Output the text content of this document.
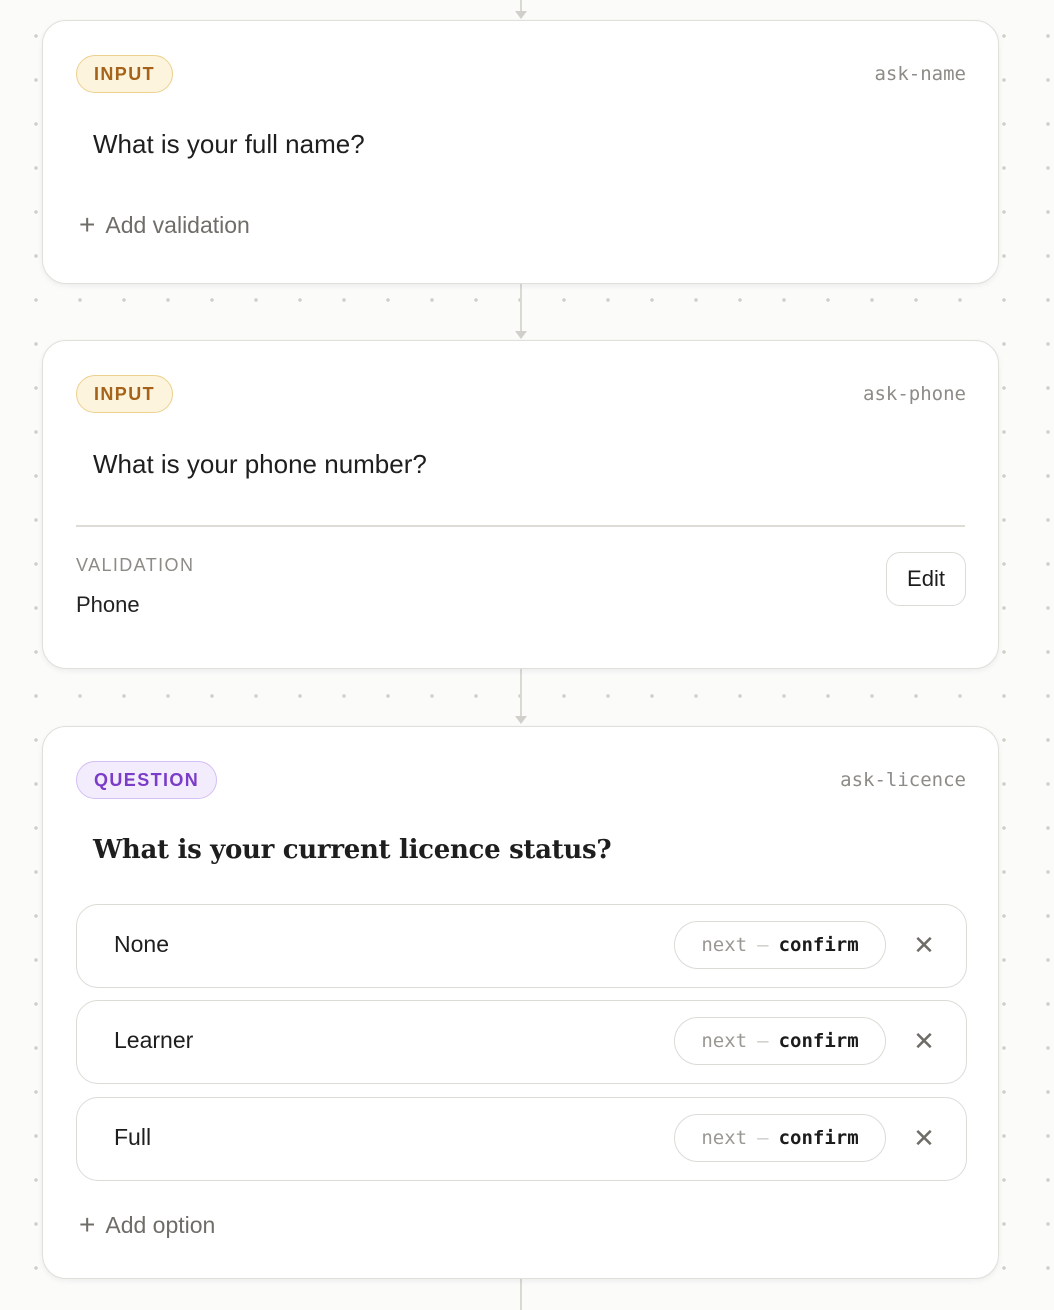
INPUT	ask-name
What is your full name?
+ Add validation
INPUT	ask-phone
What is your phone number?
VALIDATION
Phone
Edit
QUESTION	ask-licence
What is your current licence status?
None	next – confirm ✕
Learner	next – confirm ✕
Full	next – confirm ✕
+ Add option
